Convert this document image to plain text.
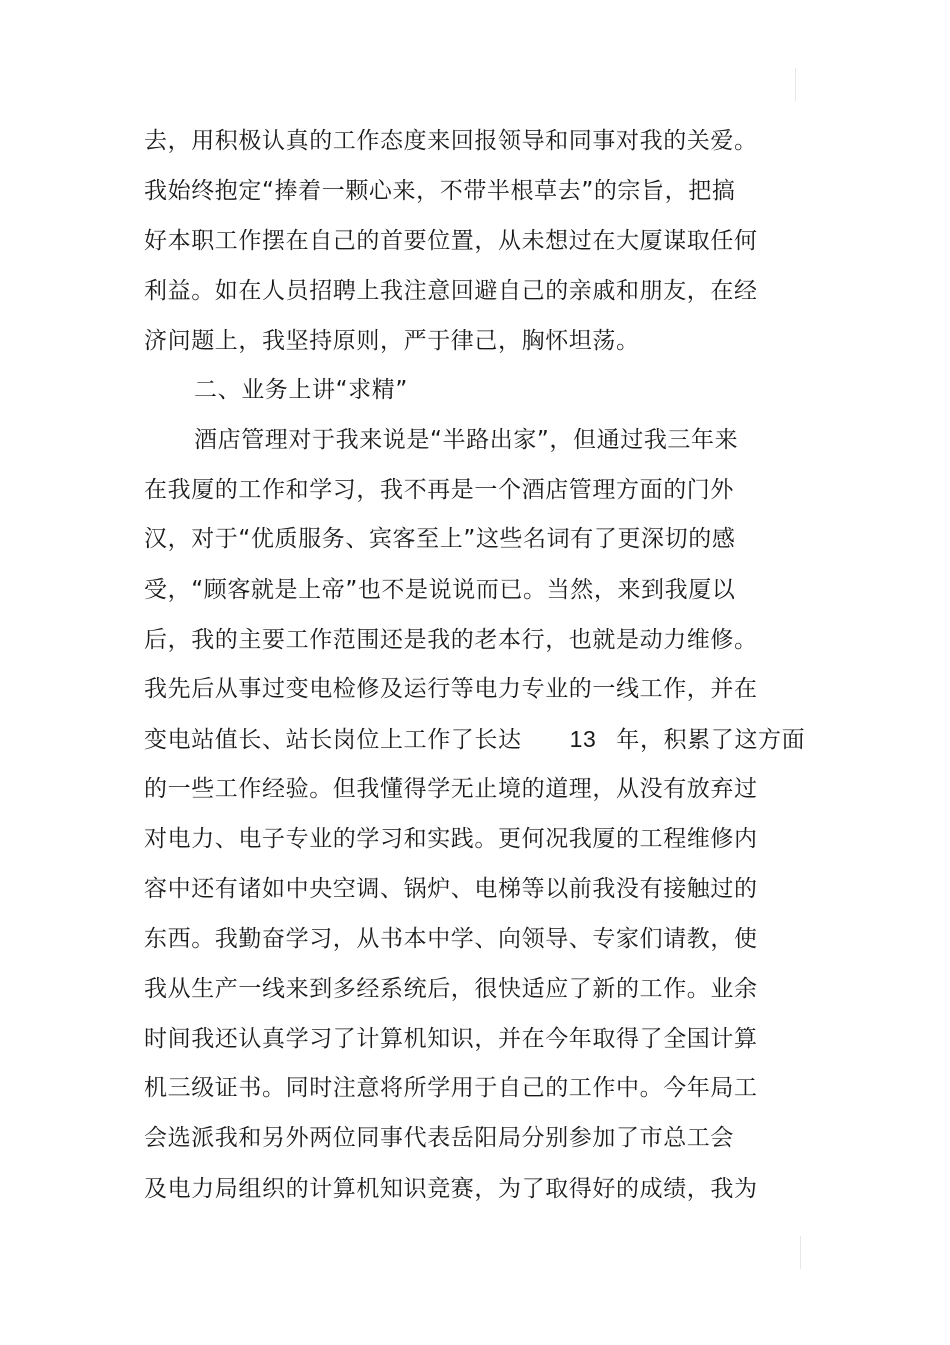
去，用积极认真的工作态度来回报领导和同事对我的关爱。
我始终抱定“捧着一颗心来，不带半根草去”的宗旨，把搞
好本职工作摆在自己的首要位置，从未想过在大厦谋取任何
利益。如在人员招聘上我注意回避自己的亲戚和朋友，在经
济问题上，我坚持原则，严于律己，胸怀坦荡。
二、业务上讲“求精”
酒店管理对于我来说是“半路出家”，但通过我三年来
在我厦的工作和学习，我不再是一个酒店管理方面的门外
汉，对于“优质服务、宾客至上”这些名词有了更深切的感
受，“顾客就是上帝”也不是说说而已。当然，来到我厦以
后，我的主要工作范围还是我的老本行，也就是动力维修。
我先后从事过变电检修及运行等电力专业的一线工作，并在
变电站值长、站长岗位上工作了长达 13 年，积累了这方面
的一些工作经验。但我懂得学无止境的道理，从没有放弃过
对电力、电子专业的学习和实践。更何况我厦的工程维修内
容中还有诸如中央空调、锅炉、电梯等以前我没有接触过的
东西。我勤奋学习，从书本中学、向领导、专家们请教，使
我从生产一线来到多经系统后，很快适应了新的工作。业余
时间我还认真学习了计算机知识，并在今年取得了全国计算
机三级证书。同时注意将所学用于自己的工作中。今年局工
会选派我和另外两位同事代表岳阳局分别参加了市总工会
及电力局组织的计算机知识竞赛，为了取得好的成绩，我为
